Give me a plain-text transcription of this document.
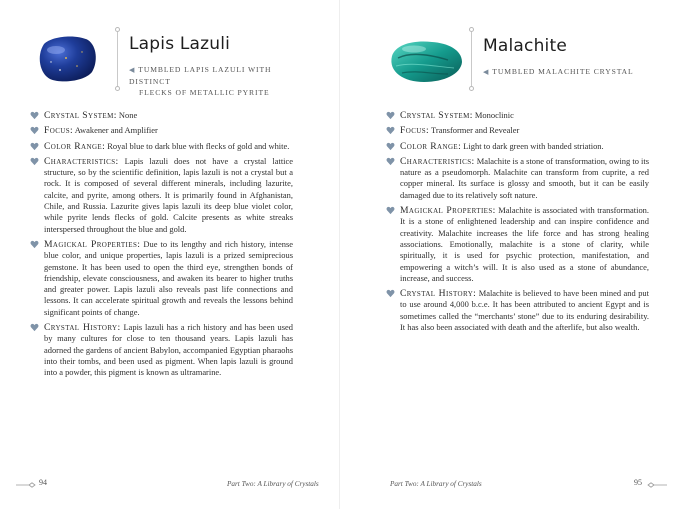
Lapis Lazuli
◀ TUMBLED LAPIS LAZULI WITH DISTINCT
FLECKS OF METALLIC PYRITE
Crystal System: None
Focus: Awakener and Amplifier
Color Range: Royal blue to dark blue with flecks of gold and white.
Characteristics: Lapis lazuli does not have a crystal lattice structure, so by the scientific definition, lapis lazuli is not a crystal but a rock. It is composed of several different minerals, including lazurite, calcite, and pyrite, among others. It is primarily found in Afghanistan, Chile, and Russia. Lazurite gives lapis lazuli its deep blue violet color, while pyrite lends flecks of gold. Calcite presents as white streaks interspersed throughout the blue and gold.
Magickal Properties: Due to its lengthy and rich history, intense blue color, and unique properties, lapis lazuli is a prized semiprecious gemstone. It has been used to open the third eye, strengthen bonds of friendship, elevate consciousness, and awaken its bearer to higher truths and greater power. Lapis lazuli also reveals past life connections and lessons. It can accelerate spiritual growth and reveals the lessons behind significant points of change.
Crystal History: Lapis lazuli has a rich history and has been used by many cultures for close to ten thousand years. Lapis lazuli has adorned the gardens of ancient Babylon, accompanied Egyptian pharaohs into their tombs, and been used as pigment. When lapis lazuli is ground into a powder, this pigment is known as ultramarine.
94	Part Two: A Library of Crystals
Malachite
◀ TUMBLED MALACHITE CRYSTAL
Crystal System: Monoclinic
Focus: Transformer and Revealer
Color Range: Light to dark green with banded striation.
Characteristics: Malachite is a stone of transformation, owing to its nature as a pseudomorph. Malachite can transform from cuprite, a red copper mineral. Its surface is glossy and smooth, but it can be easily damaged due to its relatively soft nature.
Magickal Properties: Malachite is associated with transformation. It is a stone of enlightened leadership and can inspire confidence and creativity. Malachite increases the life force and has strong healing associations. Emotionally, malachite is a stone of clarity, while spiritually, it is used for psychic protection, manifestation, and empowering a witch’s will. It is also used as a stone of abundance, increase, and success.
Crystal History: Malachite is believed to have been mined and put to use around 4,000 b.c.e. It has been attributed to ancient Egypt and is sometimes called the “merchants’ stone” due to its enduring desirability. It has also been associated with death and the afterlife, but also wealth.
Part Two: A Library of Crystals	95
